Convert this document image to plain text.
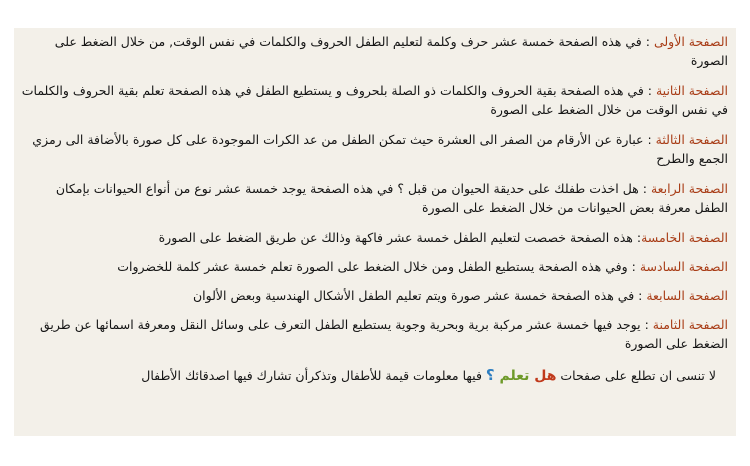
الصفحة الأولى : في هذه الصفحة خمسة عشر حرف وكلمة لتعليم الطفل الحروف والكلمات في نفس الوقت, من خلال الضغط على الصورة

الصفحة الثانية : في هذه الصفحة بقية الحروف والكلمات ذو الصلة بلحروف و يستطيع الطفل في هذه الصفحة تعلم بقية الحروف والكلمات في نفس الوقت من خلال الضغط على الصورة

الصفحة الثالثة : عبارة عن الأرقام من الصفر الى العشرة حيث تمكن الطفل من عد الكرات الموجودة على كل صورة بالأضافة الى رمزي الجمع والطرح

الصفحة الرابعة : هل اخذت طفلك على حديقة الحيوان من قبل ؟ في هذه الصفحة يوجد خمسة عشر نوع من أنواع الحيوانات بإمكان الطفل معرفة بعض الحيوانات من خلال الضغط على الصورة

الصفحة الخامسة: هذه الصفحة خصصت لتعليم الطفل خمسة عشر فاكهة وذالك عن طريق الضغط على الصورة

الصفحة السادسة : وفي هذه الصفحة يستطيع الطفل ومن خلال الضغط على الصورة تعلم خمسة عشر كلمة للخضروات

الصفحة السابعة : في هذه الصفحة خمسة عشر صورة ويتم تعليم الطفل الأشكال الهندسية وبعض الألوان

الصفحة الثامنة : يوجد فيها خمسة عشر مركبة برية وبحرية وجوية يستطيع الطفل التعرف على وسائل النقل ومعرفة اسمائها عن طريق الضغط على الصورة

لا تنسى ان تطلع على صفحات هل تعلم ؟ فيها معلومات قيمة للأطفال وتذكرأن تشارك فيها اصدقائك الأطفال
